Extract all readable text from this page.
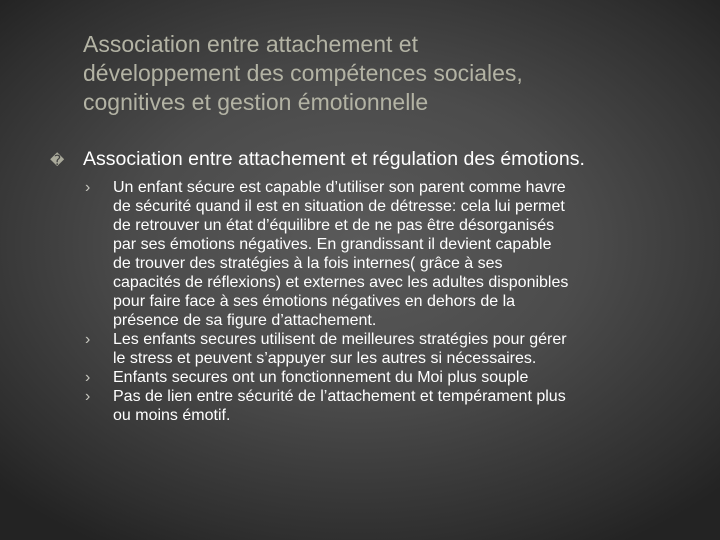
Association entre attachement et
développement des compétences sociales,
cognitives et gestion émotionnelle
� Association entre attachement et régulation des émotions.
› Un enfant sécure est capable d’utiliser son parent comme havre
de sécurité quand il est en situation de détresse: cela lui permet
de retrouver un état d’équilibre et de ne pas être désorganisés
par ses émotions négatives. En grandissant il devient capable
de trouver des stratégies à la fois internes( grâce à ses
capacités de réflexions) et externes avec les adultes disponibles
pour faire face à ses émotions négatives en dehors de la
présence de sa figure d’attachement.
› Les enfants secures utilisent de meilleures stratégies pour gérer
le stress et peuvent s’appuyer sur les autres si nécessaires.
› Enfants secures ont un fonctionnement du Moi plus souple
› Pas de lien entre sécurité de l’attachement et tempérament plus
ou moins émotif.
